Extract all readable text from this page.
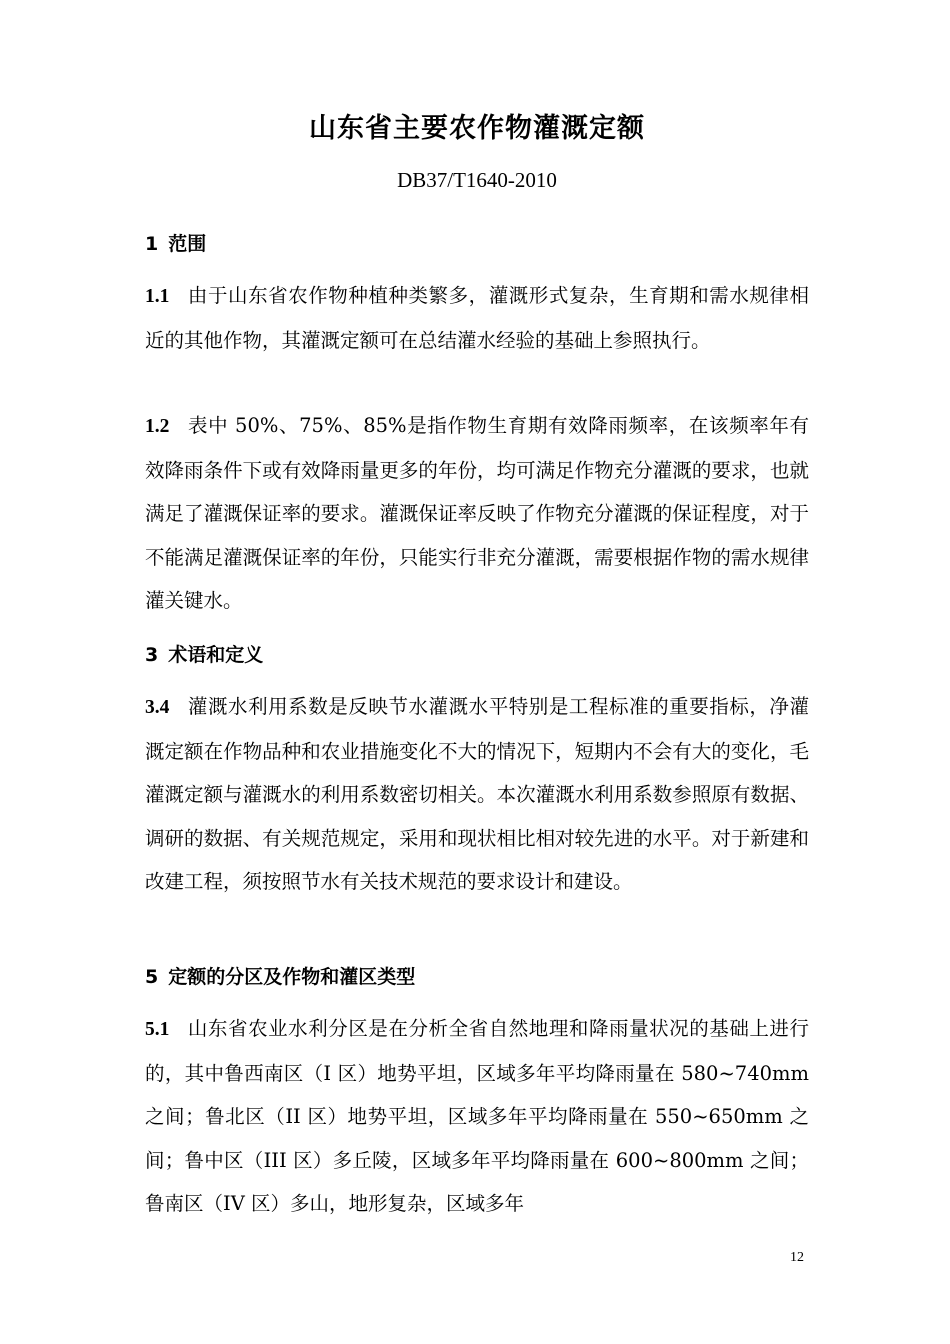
山东省主要农作物灌溉定额
DB37/T1640-2010
1 范围

1.1 由于山东省农作物种植种类繁多，灌溉形式复杂，生育期和需水规律相近的其他作物，其灌溉定额可在总结灌水经验的基础上参照执行。

1.2 表中 50%、75%、85%是指作物生育期有效降雨频率，在该频率年有效降雨条件下或有效降雨量更多的年份，均可满足作物充分灌溉的要求，也就满足了灌溉保证率的要求。灌溉保证率反映了作物充分灌溉的保证程度，对于不能满足灌溉保证率的年份，只能实行非充分灌溉，需要根据作物的需水规律灌关键水。

3 术语和定义

3.4 灌溉水利用系数是反映节水灌溉水平特别是工程标准的重要指标，净灌溉定额在作物品种和农业措施变化不大的情况下，短期内不会有大的变化，毛灌溉定额与灌溉水的利用系数密切相关。本次灌溉水利用系数参照原有数据、调研的数据、有关规范规定，采用和现状相比相对较先进的水平。对于新建和改建工程，须按照节水有关技术规范的要求设计和建设。

5 定额的分区及作物和灌区类型

5.1 山东省农业水利分区是在分析全省自然地理和降雨量状况的基础上进行的，其中鲁西南区（I 区）地势平坦，区域多年平均降雨量在 580~740mm 之间；鲁北区（II 区）地势平坦，区域多年平均降雨量在 550~650mm 之间；鲁中区（III 区）多丘陵，区域多年平均降雨量在 600~800mm 之间；鲁南区（IV 区）多山，地形复杂，区域多年

12
